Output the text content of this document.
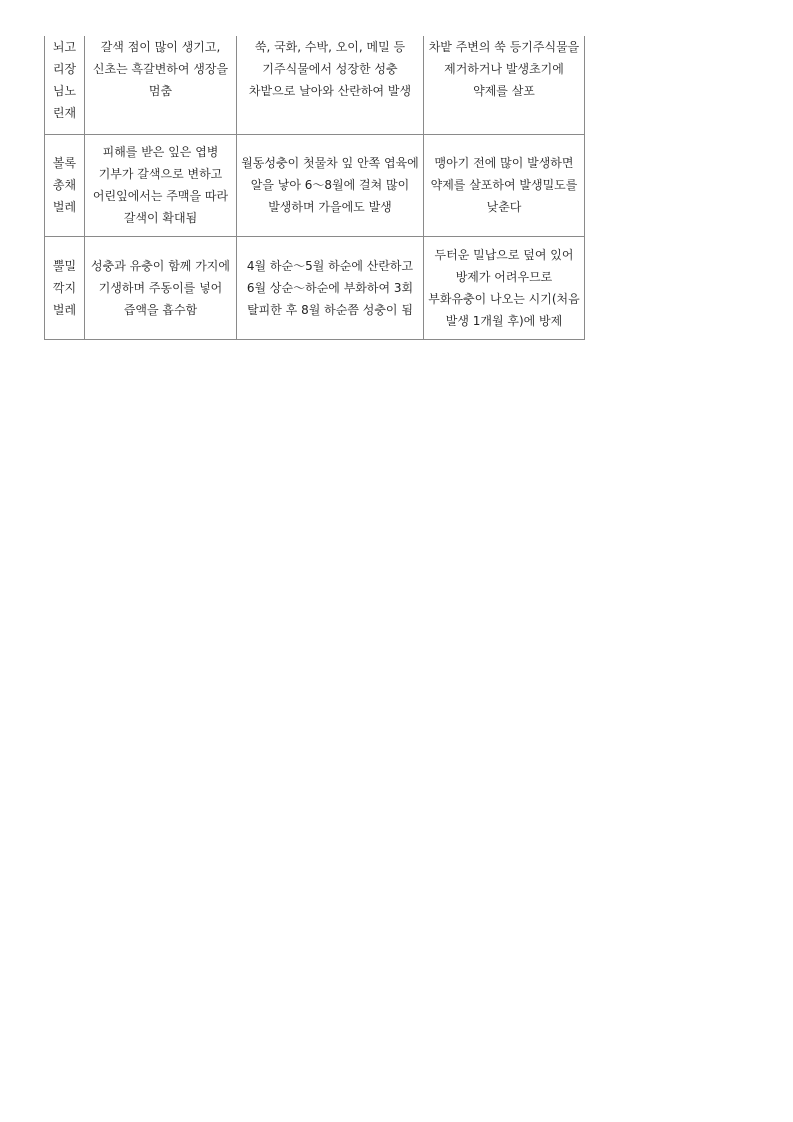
뇌고 리장 님노 린재	갈색 점이 많이 생기고, 신초는 흑갈변하여 생장을 멈춤	쑥, 국화, 수박, 오이, 메밀 등 기주식물에서 성장한 성충 차밭으로 날아와 산란하여 발생	차밭 주변의 쑥 등기주식물을 제거하거나 발생초기에 약제를 살포
볼록 총채 벌레	피해를 받은 잎은 엽병 기부가 갈색으로 변하고 어린잎에서는 주맥을 따라 갈색이 확대됨	월동성충이 첫물차 잎 안쪽 엽육에 알을 낳아 6～8월에 걸쳐 많이 발생하며 가을에도 발생	맹아기 전에 많이 발생하면 약제를 살포하여 발생밀도를 낮춘다
뿔밀 깍지 벌레	성충과 유충이 함께 가지에 기생하며 주동이를 넣어 즙액을 흡수함	4월 하순～5월 하순에 산란하고 6월 상순～하순에 부화하여 3회 탈피한 후 8월 하순쯤 성충이 됨	두터운 밀납으로 덮여 있어 방제가 어려우므로 부화유충이 나오는 시기(처음 발생 1개월 후)에 방제
